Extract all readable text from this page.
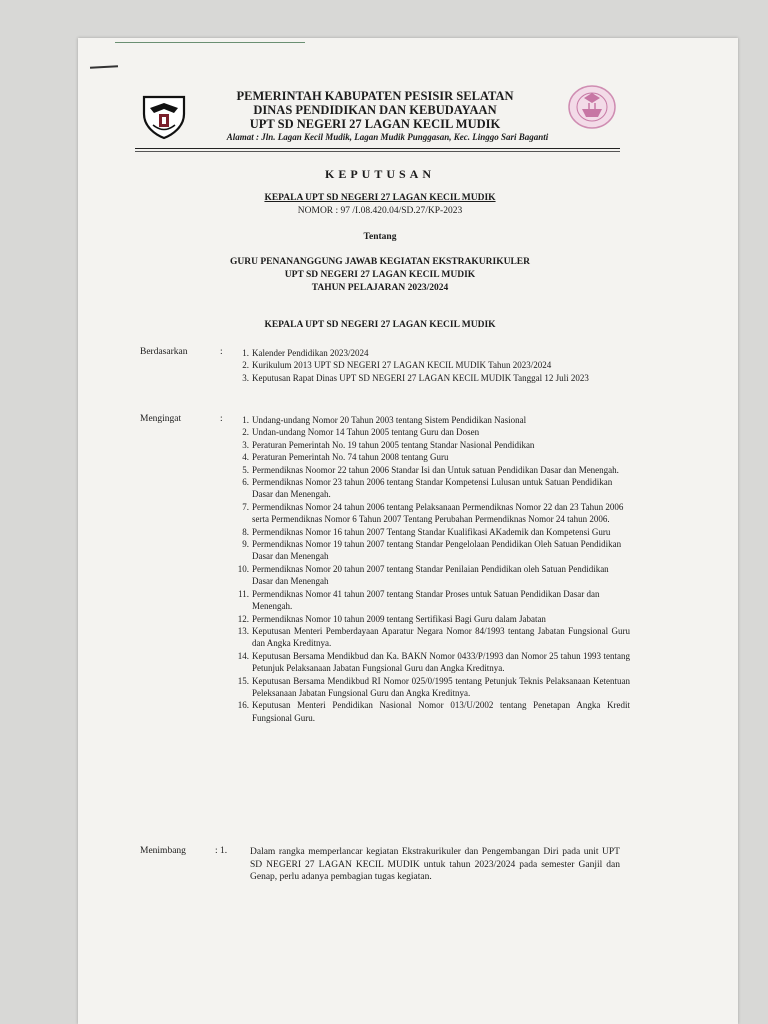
PEMERINTAH KABUPATEN PESISIR SELATAN
DINAS PENDIDIKAN DAN KEBUDAYAAN
UPT SD NEGERI 27 LAGAN KECIL MUDIK
Alamat : Jln. Lagan Kecil Mudik, Lagan Mudik Punggasan, Kec. Linggo Sari Baganti
KEPUTUSAN
KEPALA UPT SD NEGERI 27 LAGAN KECIL MUDIK
NOMOR : 97 /I.08.420.04/SD.27/KP-2023
Tentang
GURU PENANANGGUNG JAWAB KEGIATAN EKSTRAKURIKULER
UPT SD NEGERI 27 LAGAN KECIL MUDIK
TAHUN PELAJARAN 2023/2024
KEPALA UPT SD NEGERI 27 LAGAN KECIL MUDIK
Berdasarkan	:	1. Kalender Pendidikan 2023/2024
2. Kurikulum 2013 UPT SD NEGERI 27 LAGAN KECIL MUDIK Tahun 2023/2024
3. Keputusan Rapat Dinas UPT SD NEGERI 27 LAGAN KECIL MUDIK Tanggal 12 Juli 2023
Mengingat	:	1. Undang-undang Nomor 20 Tahun 2003 tentang Sistem Pendidikan Nasional
2. Undan-undang Nomor 14 Tahun 2005 tentang Guru dan Dosen
3. Peraturan Pemerintah No. 19 tahun 2005 tentang Standar Nasional Pendidikan
4. Peraturan Pemerintah No. 74 tahun 2008 tentang Guru
5. Permendiknas Noomor 22 tahun 2006 Standar Isi dan Untuk satuan Pendidikan Dasar dan Menengah.
6. Permendiknas Nomor 23 tahun 2006 tentang Standar Kompetensi Lulusan untuk Satuan Pendidikan Dasar dan Menengah.
7. Permendiknas Nomor 24 tahun 2006 tentang Pelaksanaan Permendiknas Nomor 22 dan 23 Tahun 2006 serta Permendiknas Nomor 6 Tahun 2007 Tentang Perubahan Permendiknas Nomor 24 tahun 2006.
8. Permendiknas Nomor 16 tahun 2007 Tentang Standar Kualifikasi AKademik dan Kompetensi Guru
9. Permendiknas Nomor 19 tahun 2007 tentang Standar Pengelolaan Pendidikan Oleh Satuan Pendidikan Dasar dan Menengah
10. Permendiknas Nomor 20 tahun 2007 tentang Standar Penilaian Pendidikan oleh Satuan Pendidikan Dasar dan Menengah
11. Permendiknas Nomor 41 tahun 2007 tentang Standar Proses untuk Satuan Pendidikan Dasar dan Menengah.
12. Permendiknas Nomor 10 tahun 2009 tentang Sertifikasi Bagi Guru dalam Jabatan
13. Keputusan Menteri Pemberdayaan Aparatur Negara Nomor 84/1993 tentang Jabatan Fungsional Guru dan Angka Kreditnya.
14. Keputusan Bersama Mendikbud dan Ka. BAKN Nomor 0433/P/1993 dan Nomor 25 tahun 1993 tentang Petunjuk Pelaksanaan Jabatan Fungsional Guru dan Angka Kreditnya.
15. Keputusan Bersama Mendikbud RI Nomor 025/0/1995 tentang Petunjuk Teknis Pelaksanaan Ketentuan Peleksanaan Jabatan Fungsional Guru dan Angka Kreditnya.
16. Keputusan Menteri Pendidikan Nasional Nomor 013/U/2002 tentang Penetapan Angka Kredit Fungsional Guru.
Menimbang	: 1. Dalam rangka memperlancar kegiatan Ekstrakurikuler dan Pengembangan Diri pada unit UPT SD NEGERI 27 LAGAN KECIL MUDIK untuk tahun 2023/2024 pada semester Ganjil dan Genap, perlu adanya pembagian tugas kegiatan.
